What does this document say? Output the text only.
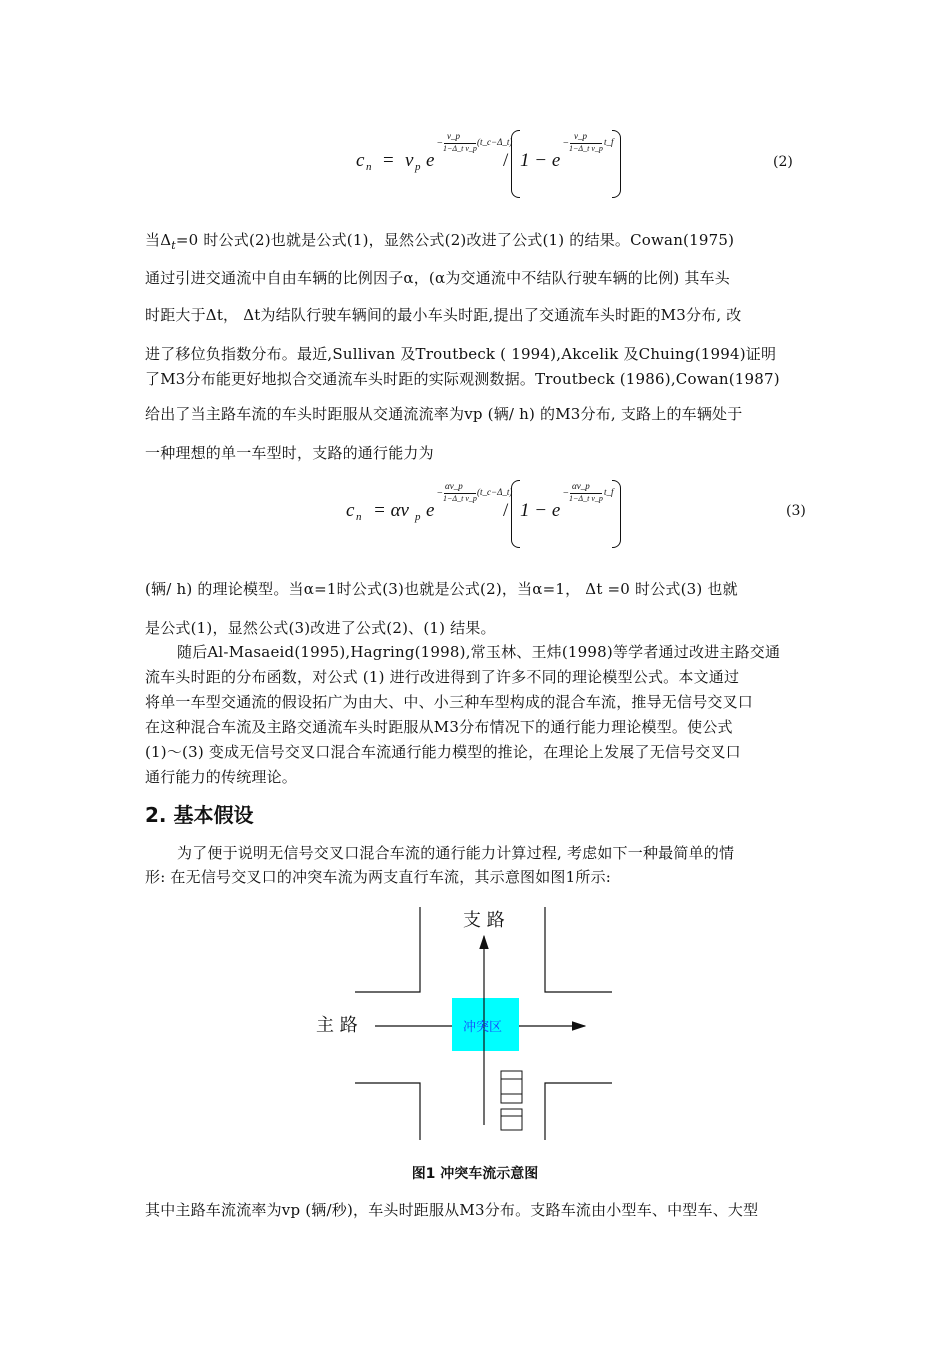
c n = v p e
−
v_p
1−Δ_t v_p
(t_c−Δ_t)
/ 1 − e
−
v_p
1−Δ_t v_p
t_f
(2)
当$\Delta_t=0$ 时公式(2)也就是公式(1)，显然公式(2)改进了公式(1) 的结果。Cowan(1975)
通过引进交通流中自由车辆的比例因子α，(α为交通流中不结队行驶车辆的比例) 其车头
时距大于Δt， Δt为结队行驶车辆间的最小车头时距,提出了交通流车头时距的M3分布, 改
进了移位负指数分布。最近,Sullivan 及Troutbeck ( 1994),Akcelik 及Chuing(1994)证明
了M3分布能更好地拟合交通流车头时距的实际观测数据。Troutbeck (1986),Cowan(1987)
给出了当主路车流的车头时距服从交通流流率为vp (辆/ h) 的M3分布, 支路上的车辆处于
一种理想的单一车型时，支路的通行能力为
c n = αv p e
−
αv_p
1−Δ_t v_p
(t_c−Δ_t)
/ 1 − e
−
αv_p
1−Δ_t v_p
t_f
(3)
(辆/ h) 的理论模型。当α=1时公式(3)也就是公式(2)，当α=1， Δt =0 时公式(3) 也就
是公式(1)，显然公式(3)改进了公式(2)、(1) 结果。
随后Al-Masaeid(1995),Hagring(1998),常玉林、王炜(1998)等学者通过改进主路交通
流车头时距的分布函数，对公式 (1) 进行改进得到了许多不同的理论模型公式。本文通过
将单一车型交通流的假设拓广为由大、中、小三种车型构成的混合车流，推导无信号交叉口
在这种混合车流及主路交通流车头时距服从M3分布情况下的通行能力理论模型。使公式
(1)～(3) 变成无信号交叉口混合车流通行能力模型的推论，在理论上发展了无信号交叉口
通行能力的传统理论。
2. 基本假设
为了便于说明无信号交叉口混合车流的通行能力计算过程, 考虑如下一种最简单的情
形: 在无信号交叉口的冲突车流为两支直行车流，其示意图如图1所示:
支 路
主 路	冲突区
图1 冲突车流示意图
其中主路车流流率为vp (辆/秒)，车头时距服从M3分布。支路车流由小型车、中型车、大型
